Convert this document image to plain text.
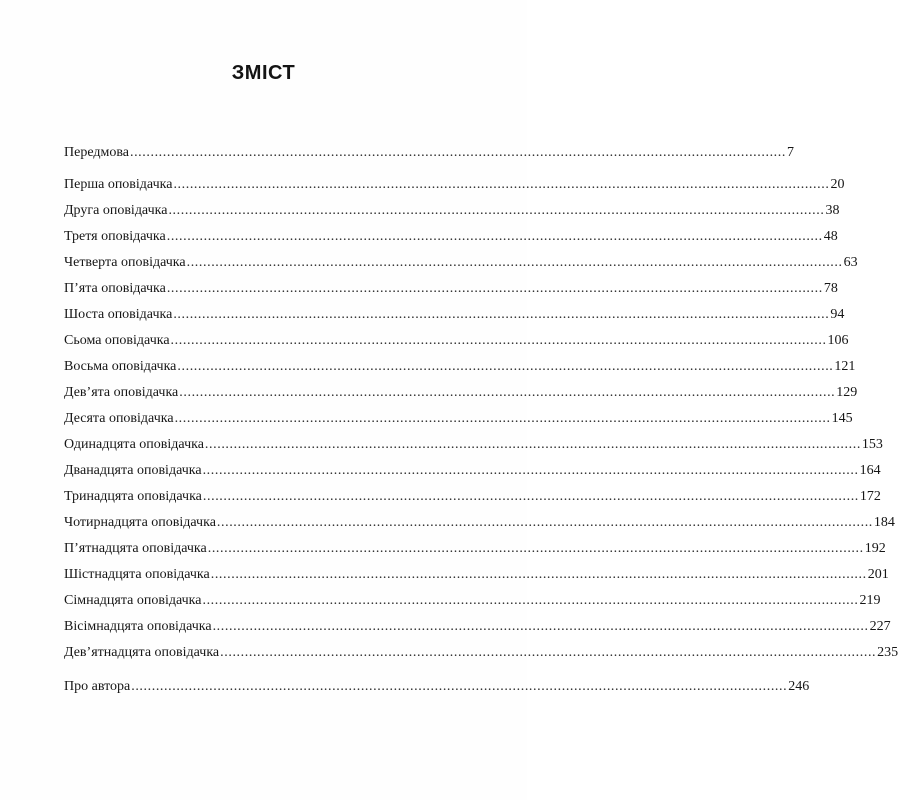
ЗМІСТ
Передмова ................................................................................................................................................................ 7
Перша оповідачка ................................................................................................................................................................ 20
Друга оповідачка ................................................................................................................................................................ 38
Третя оповідачка ................................................................................................................................................................ 48
Четверта оповідачка ................................................................................................................................................................ 63
П’ята оповідачка ................................................................................................................................................................ 78
Шоста оповідачка ................................................................................................................................................................ 94
Сьома оповідачка ................................................................................................................................................................ 106
Восьма оповідачка ................................................................................................................................................................ 121
Дев’ята оповідачка ................................................................................................................................................................ 129
Десята оповідачка ................................................................................................................................................................ 145
Одинадцята оповідачка ................................................................................................................................................................ 153
Дванадцята оповідачка ................................................................................................................................................................ 164
Тринадцята оповідачка ................................................................................................................................................................ 172
Чотирнадцята оповідачка ................................................................................................................................................................ 184
П’ятнадцята оповідачка ................................................................................................................................................................ 192
Шістнадцята оповідачка ................................................................................................................................................................ 201
Сімнадцята оповідачка ................................................................................................................................................................ 219
Вісімнадцята оповідачка ................................................................................................................................................................ 227
Дев’ятнадцята оповідачка ................................................................................................................................................................ 235
Про автора ................................................................................................................................................................ 246
